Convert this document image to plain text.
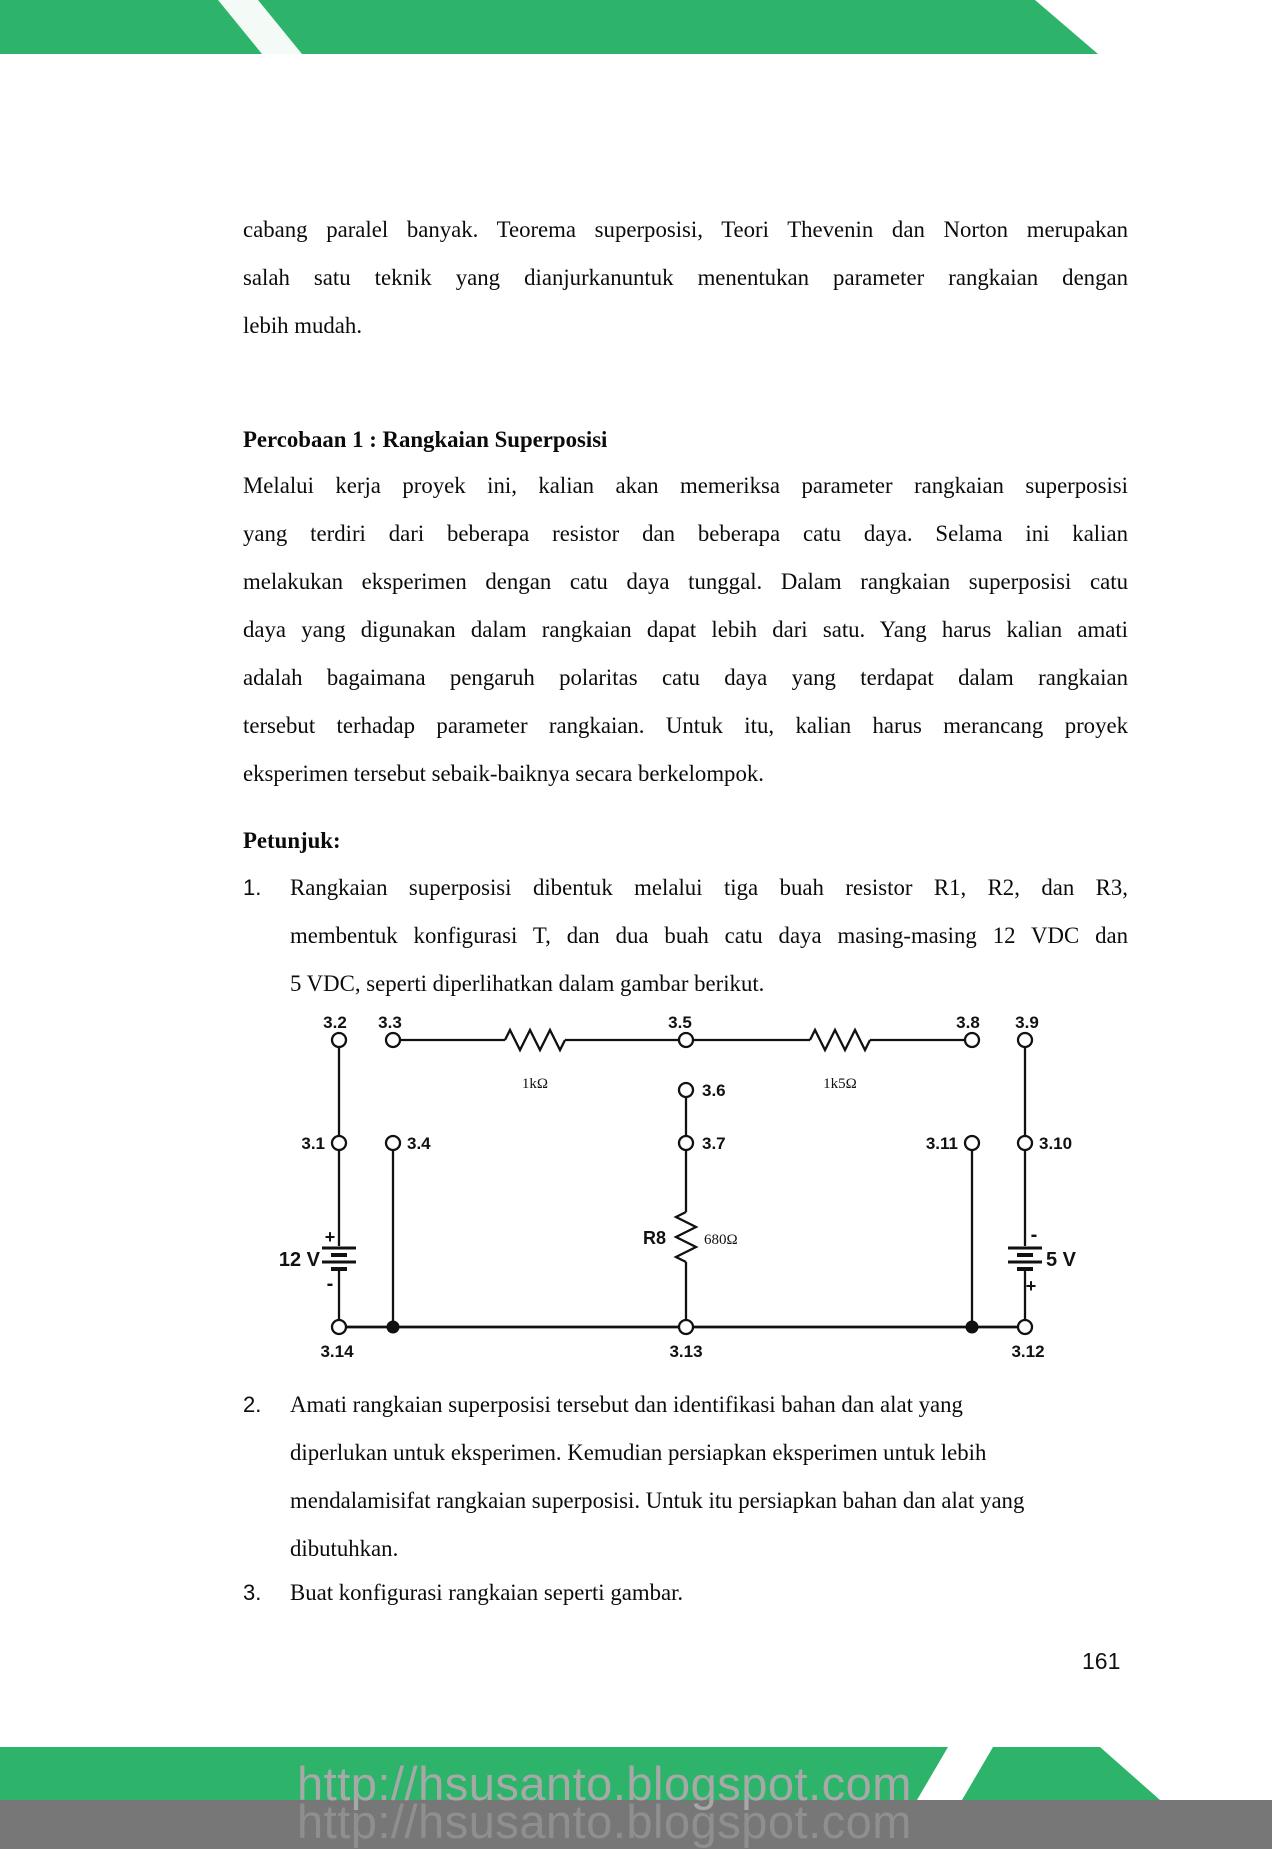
cabang paralel banyak. Teorema superposisi, Teori Thevenin dan Norton merupakan
salah satu teknik yang dianjurkanuntuk menentukan parameter rangkaian dengan
lebih mudah.
Percobaan 1 : Rangkaian Superposisi
Melalui kerja proyek ini, kalian akan memeriksa parameter rangkaian superposisi
yang terdiri dari beberapa resistor dan beberapa catu daya. Selama ini kalian
melakukan eksperimen dengan catu daya tunggal. Dalam rangkaian superposisi catu
daya yang digunakan dalam rangkaian dapat lebih dari satu. Yang harus kalian amati
adalah bagaimana pengaruh polaritas catu daya yang terdapat dalam rangkaian
tersebut terhadap parameter rangkaian. Untuk itu, kalian harus merancang proyek
eksperimen tersebut sebaik-baiknya secara berkelompok.
Petunjuk:
1.	Rangkaian superposisi dibentuk melalui tiga buah resistor R1, R2, dan R3,
membentuk konfigurasi T, dan dua buah catu daya masing-masing 12 VDC dan
5 VDC, seperti diperlihatkan dalam gambar berikut.
3.2 3.3	3.5	3.8 3.9
3.6
3.1	3.4	3.7	3.11	3.10
3.14	3.13	3.12
1kΩ	1k5Ω
R8	680Ω
12 V	5 V
+
-
-
+
2.	Amati rangkaian superposisi tersebut dan identifikasi bahan dan alat yang
diperlukan untuk eksperimen. Kemudian persiapkan eksperimen untuk lebih
mendalamisifat rangkaian superposisi. Untuk itu persiapkan bahan dan alat yang
dibutuhkan.
3.	Buat konfigurasi rangkaian seperti gambar.
161
http://hsusanto.blogspot.com
http://hsusanto.blogspot.com
